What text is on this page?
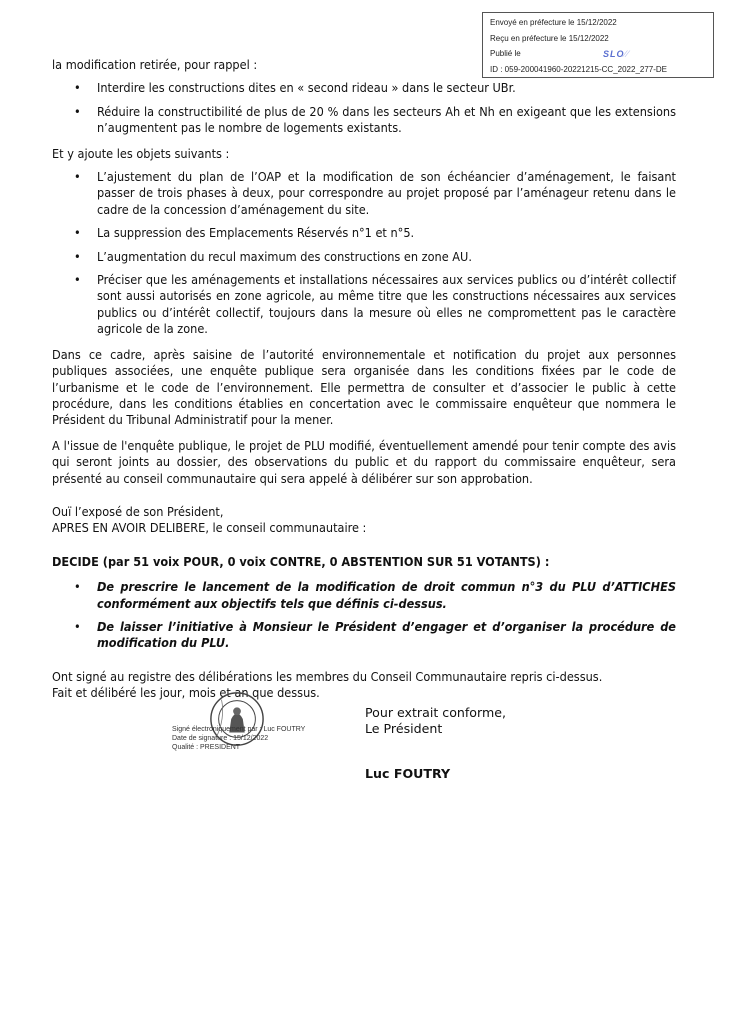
Envoyé en préfecture le 15/12/2022
Reçu en préfecture le 15/12/2022
Publié le	SLO⁄⁄
ID : 059-200041960-20221215-CC_2022_277-DE

la modification retirée, pour rappel :

• Interdire les constructions dites en « second rideau » dans le secteur UBr.
• Réduire la constructibilité de plus de 20 % dans les secteurs Ah et Nh en exigeant que les extensions n’augmentent pas le nombre de logements existants.

Et y ajoute les objets suivants :

• L’ajustement du plan de l’OAP et la modification de son échéancier d’aménagement, le faisant passer de trois phases à deux, pour correspondre au projet proposé par l’aménageur retenu dans le cadre de la concession d’aménagement du site.
• La suppression des Emplacements Réservés n°1 et n°5.
• L’augmentation du recul maximum des constructions en zone AU.
• Préciser que les aménagements et installations nécessaires aux services publics ou d’intérêt collectif sont aussi autorisés en zone agricole, au même titre que les constructions nécessaires aux services publics ou d’intérêt collectif, toujours dans la mesure où elles ne compromettent pas le caractère agricole de la zone.

Dans ce cadre, après saisine de l’autorité environnementale et notification du projet aux personnes publiques associées, une enquête publique sera organisée dans les conditions fixées par le code de l’urbanisme et le code de l’environnement. Elle permettra de consulter et d’associer le public à cette procédure, dans les conditions établies en concertation avec le commissaire enquêteur que nommera le Président du Tribunal Administratif pour la mener.

A l'issue de l'enquête publique, le projet de PLU modifié, éventuellement amendé pour tenir compte des avis qui seront joints au dossier, des observations du public et du rapport du commissaire enquêteur, sera présenté au conseil communautaire qui sera appelé à délibérer sur son approbation.

Ouï l’exposé de son Président,

APRES EN AVOIR DELIBERE, le conseil communautaire :

DECIDE (par 51 voix POUR, 0 voix CONTRE, 0 ABSTENTION SUR 51 VOTANTS) :

• De prescrire le lancement de la modification de droit commun n°3 du PLU d’ATTICHES conformément aux objectifs tels que définis ci-dessus.
• De laisser l’initiative à Monsieur le Président d’engager et d’organiser la procédure de modification du PLU.

Ont signé au registre des délibérations les membres du Conseil Communautaire repris ci-dessus.

Fait et délibéré les jour, mois et an que dessus.

Signé électroniquement par : Luc FOUTRY
Date de signature : 15/12/2022
Qualité : PRESIDENT
Pour extrait conforme,
Le Président
Luc FOUTRY
